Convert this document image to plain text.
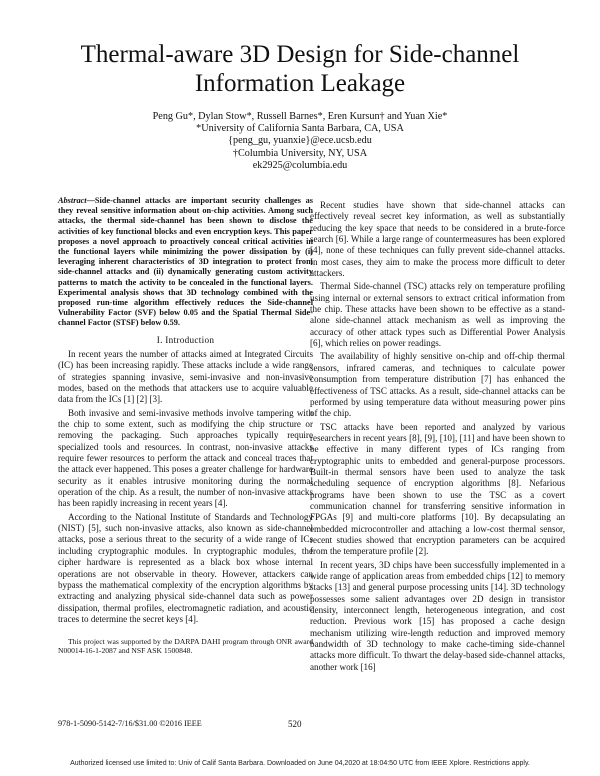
Thermal-aware 3D Design for Side-channel
Information Leakage
Peng Gu*, Dylan Stow*, Russell Barnes*, Eren Kursun† and Yuan Xie*
*University of California Santa Barbara, CA, USA
{peng_gu, yuanxie}@ece.ucsb.edu
†Columbia University, NY, USA
ek2925@columbia.edu
Abstract—Side-channel attacks are important security challenges as they reveal sensitive information about on-chip activities. Among such attacks, the thermal side-channel has been shown to disclose the activities of key functional blocks and even encryption keys. This paper proposes a novel approach to proactively conceal critical activities in the functional layers while minimizing the power dissipation by (i) leveraging inherent characteristics of 3D integration to protect from side-channel attacks and (ii) dynamically generating custom activity patterns to match the activity to be concealed in the functional layers. Experimental analysis shows that 3D technology combined with the proposed run-time algorithm effectively reduces the Side-channel Vulnerability Factor (SVF) below 0.05 and the Spatial Thermal Side-channel Factor (STSF) below 0.59.
I. Introduction

In recent years the number of attacks aimed at Integrated Circuits (IC) has been increasing rapidly. These attacks include a wide range of strategies spanning invasive, semi-invasive and non-invasive modes, based on the methods that attackers use to acquire valuable data from the ICs [1] [2] [3].

Both invasive and semi-invasive methods involve tampering with the chip to some extent, such as modifying the chip structure or removing the packaging. Such approaches typically require specialized tools and resources. In contrast, non-invasive attacks require fewer resources to perform the attack and conceal traces that the attack ever happened. This poses a greater challenge for hardware security as it enables intrusive monitoring during the normal operation of the chip. As a result, the number of non-invasive attacks has been rapidly increasing in recent years [4].

According to the National Institute of Standards and Technology (NIST) [5], such non-invasive attacks, also known as side-channel attacks, pose a serious threat to the security of a wide range of ICs including cryptographic modules. In cryptographic modules, the cipher hardware is represented as a black box whose internal operations are not observable in theory. However, attackers can bypass the mathematical complexity of the encryption algorithms by extracting and analyzing physical side-channel data such as power dissipation, thermal profiles, electromagnetic radiation, and acoustic traces to determine the secret keys [4].

This project was supported by the DARPA DAHI program through ONR award N00014-16-1-2087 and NSF ASK 1500848.

Recent studies have shown that side-channel attacks can effectively reveal secret key information, as well as substantially reducing the key space that needs to be considered in a brute-force search [6]. While a large range of countermeasures has been explored [4], none of these techniques can fully prevent side-channel attacks. In most cases, they aim to make the process more difficult to deter attackers.

Thermal Side-channel (TSC) attacks rely on temperature profiling using internal or external sensors to extract critical information from the chip. These attacks have been shown to be effective as a stand-alone side-channel attack mechanism as well as improving the accuracy of other attack types such as Differential Power Analysis [6], which relies on power readings.

The availability of highly sensitive on-chip and off-chip thermal sensors, infrared cameras, and techniques to calculate power consumption from temperature distribution [7] has enhanced the effectiveness of TSC attacks. As a result, side-channel attacks can be performed by using temperature data without measuring power pins of the chip.

TSC attacks have been reported and analyzed by various researchers in recent years [8], [9], [10], [11] and have been shown to be effective in many different types of ICs ranging from cryptographic units to embedded and general-purpose processors. Built-in thermal sensors have been used to analyze the task scheduling sequence of encryption algorithms [8]. Nefarious programs have been shown to use the TSC as a covert communication channel for transferring sensitive information in FPGAs [9] and multi-core platforms [10]. By decapsulating an embedded microcontroller and attaching a low-cost thermal sensor, recent studies showed that encryption parameters can be acquired from the temperature profile [2].

In recent years, 3D chips have been successfully implemented in a wide range of application areas from embedded chips [12] to memory stacks [13] and general purpose processing units [14]. 3D technology possesses some salient advantages over 2D design in transistor density, interconnect length, heterogeneous integration, and cost reduction. Previous work [15] has proposed a cache design mechanism utilizing wire-length reduction and improved memory bandwidth of 3D technology to make cache-timing side-channel attacks more difficult. To thwart the delay-based side-channel attacks, another work [16]

978-1-5090-5142-7/16/$31.00 ©2016 IEEE	520
Authorized licensed use limited to: Univ of Calif Santa Barbara. Downloaded on June 04,2020 at 18:04:50 UTC from IEEE Xplore. Restrictions apply.
